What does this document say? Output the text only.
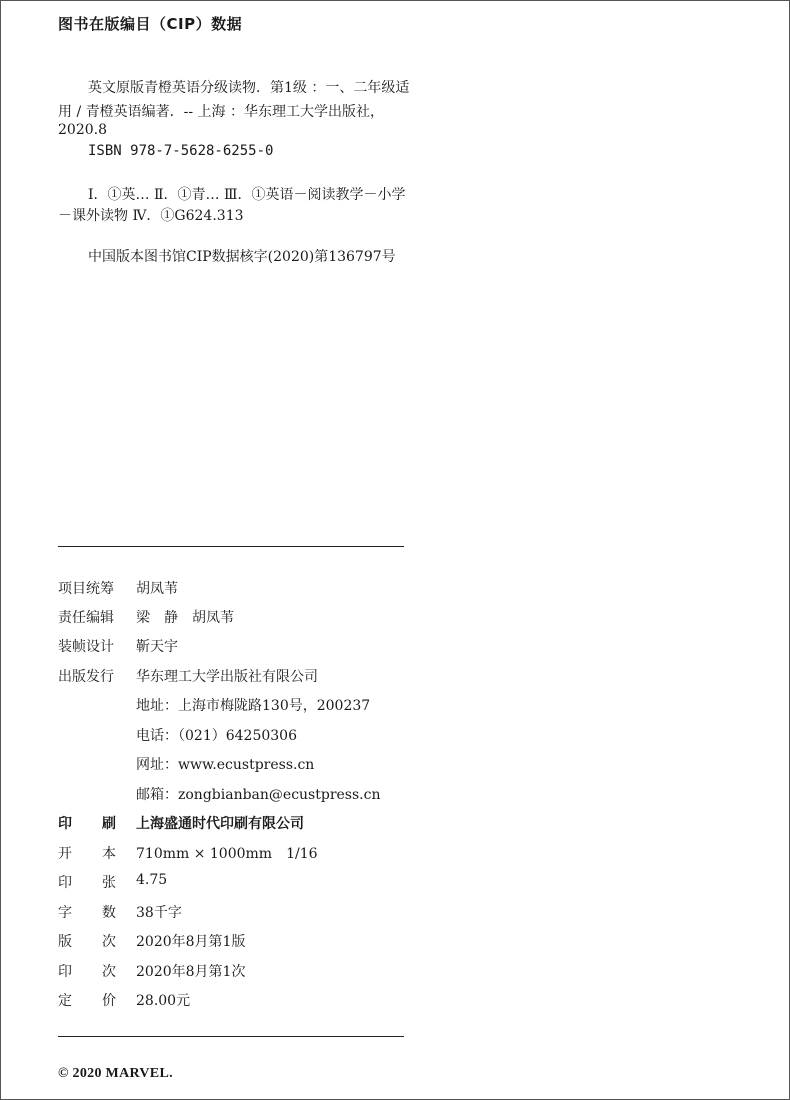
图书在版编目（CIP）数据
英文原版青橙英语分级读物．第1级 ：一、二年级适
用 / 青橙英语编著．-- 上海 ：华东理工大学出版社，
2020.8
ISBN 978-7-5628-6255-0
Ⅰ．①英… Ⅱ．①青… Ⅲ．①英语－阅读教学－小学
－课外读物 Ⅳ．①G624.313
中国版本图书馆CIP数据核字(2020)第136797号
项目统筹 胡凤苇
责任编辑 梁　静　胡凤苇
装帧设计 靳天宇
出版发行 华东理工大学出版社有限公司
地址：上海市梅陇路130号，200237
电话：（021）64250306
网址：www.ecustpress.cn
邮箱：zongbianban@ecustpress.cn
印 刷 上海盛通时代印刷有限公司
开 本 710mm × 1000mm　1/16
印 张 4.75
字 数 38千字
版 次 2020年8月第1版
印 次 2020年8月第1次
定 价 28.00元
© 2020 MARVEL.
